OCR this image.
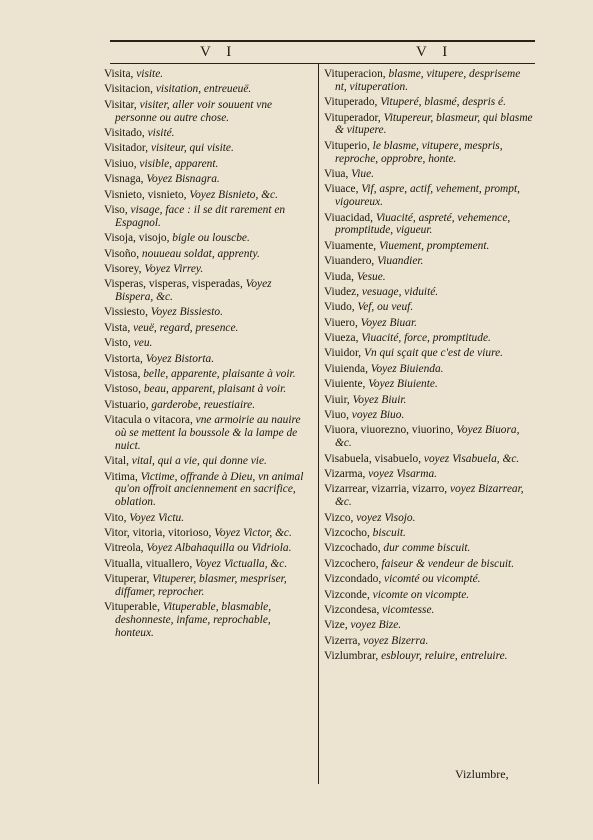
V I	V I
Visita, visite.
Visitacion, visitation, entreueuë.
Visitar, visiter, aller voir souuent vne personne ou autre chose.
Visitado, visité.
Visitador, visiteur, qui visite.
Visiuo, visible, apparent.
Visnaga, Voyez Bisnagra.
Visnieto, visnieto, Voyez Bisnieto, &c.
Viso, visage, face : il se dit rarement en Espagnol.
Visoja, visojo, bigle ou louscbe.
Visoño, nouueau soldat, apprenty.
Visorey, Voyez Virrey.
Visperas, visperas, visperadas, Voyez Bispera, &c.
Vissiesto, Voyez Bissiesto.
Vista, veuë, regard, presence.
Visto, veu.
Vistorta, Voyez Bistorta.
Vistosa, belle, apparente, plaisante à voir.
Vistoso, beau, apparent, plaisant à voir.
Vistuario, garderobe, reuestiaire.
Vitacula o vitacora, vne armoirie au nauire où se mettent la boussole & la lampe de nuict.
Vital, vital, qui a vie, qui donne vie.
Vitima, Victime, offrande à Dieu, vn animal qu'on offroit anciennement en sacrifice, oblation.
Vito, Voyez Victu.
Vitor, vitoria, vitorioso, Voyez Victor, &c.
Vitreola, Voyez Albahaquilla ou Vidriola.
Vitualla, vituallero, Voyez Victualla, &c.
Vituperar, Vituperer, blasmer, mespriser, diffamer, reprocher.
Vituperable, Vituperable, blasmable, deshonneste, infame, reprochable, honteux.
Vituperacion, blasme, vitupere, despriseme nt, vituperation.
Vituperado, Vituperé, blasmé, despris é.
Vituperador, Vitupereur, blasmeur, qui blasme & vitupere.
Vituperio, le blasme, vitupere, mespris, reproche, opprobre, honte.
Viua, Viue.
Viuace, Vif, aspre, actif, vehement, prompt, vigoureux.
Viuacidad, Viuacité, aspreté, vehemence, promptitude, vigueur.
Viuamente, Viuement, promptement.
Viuandero, Viuandier.
Viuda, Vesue.
Viudez, vesuage, viduité.
Viudo, Vef, ou veuf.
Viuero, Voyez Biuar.
Viueza, Viuacité, force, promptitude.
Viuidor, Vn qui sçait que c'est de viure.
Viuienda, Voyez Biuienda.
Viuiente, Voyez Biuiente.
Viuir, Voyez Biuir.
Viuo, voyez Biuo.
Viuora, viuorezno, viuorino, Voyez Biuora, &c.
Visabuela, visabuelo, voyez Visabuela, &c.
Vizarma, voyez Visarma.
Vizarrear, vizarria, vizarro, voyez Bizarrear, &c.
Vizco, voyez Visojo.
Vizcocho, biscuit.
Vizcochado, dur comme biscuit.
Vizcochero, faiseur & vendeur de biscuit.
Vizcondado, vicomté ou vicompté.
Vizconde, vicomte on vicompte.
Vizcondesa, vicomtesse.
Vize, voyez Bize.
Vizerra, voyez Bizerra.
Vizlumbrar, esblouyr, reluire, entreluire.
Vizlumbre,
